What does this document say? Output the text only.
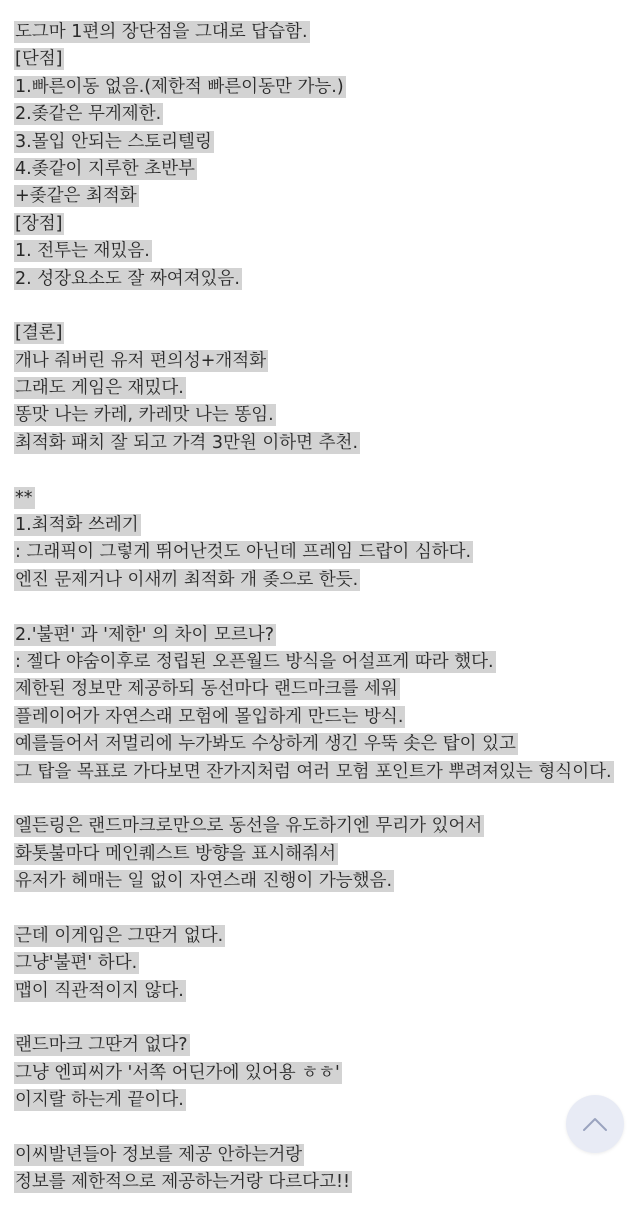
도그마 1편의 장단점을 그대로 답습함.
[단점]
1.빠른이동 없음.(제한적 빠른이동만 가능.)
2.좆같은 무게제한.
3.몰입 안되는 스토리텔링
4.좆같이 지루한 초반부
+좆같은 최적화
[장점]
1. 전투는 재밌음.
2. 성장요소도 잘 짜여져있음.
[결론]
개나 줘버린 유저 편의성+개적화
그래도 게임은 재밌다.
똥맛 나는 카레, 카레맛 나는 똥임.
최적화 패치 잘 되고 가격 3만원 이하면 추천.
**
1.최적화 쓰레기
: 그래픽이 그렇게 뛰어난것도 아닌데 프레임 드랍이 심하다.
엔진 문제거나 이새끼 최적화 개 좆으로 한듯.
2.'불편' 과 '제한' 의 차이 모르나?
: 젤다 야숨이후로 정립된 오픈월드 방식을 어설프게 따라 했다.
제한된 정보만 제공하되 동선마다 랜드마크를 세워
플레이어가 자연스래 모험에 몰입하게 만드는 방식.
예를들어서 저멀리에 누가봐도 수상하게 생긴 우뚝 솟은 탑이 있고
그 탑을 목표로 가다보면 잔가지처럼 여러 모험 포인트가 뿌려져있는 형식이다.
엘든링은 랜드마크로만으로 동선을 유도하기엔 무리가 있어서
화톳불마다 메인퀘스트 방향을 표시해줘서
유저가 헤매는 일 없이 자연스래 진행이 가능했음.
근데 이게임은 그딴거 없다.
그냥'불편' 하다.
맵이 직관적이지 않다.
랜드마크 그딴거 없다?
그냥 엔피씨가 '서쪽 어딘가에 있어용 ㅎㅎ'
이지랄 하는게 끝이다.
이씨발년들아 정보를 제공 안하는거랑
정보를 제한적으로 제공하는거랑 다르다고!!
